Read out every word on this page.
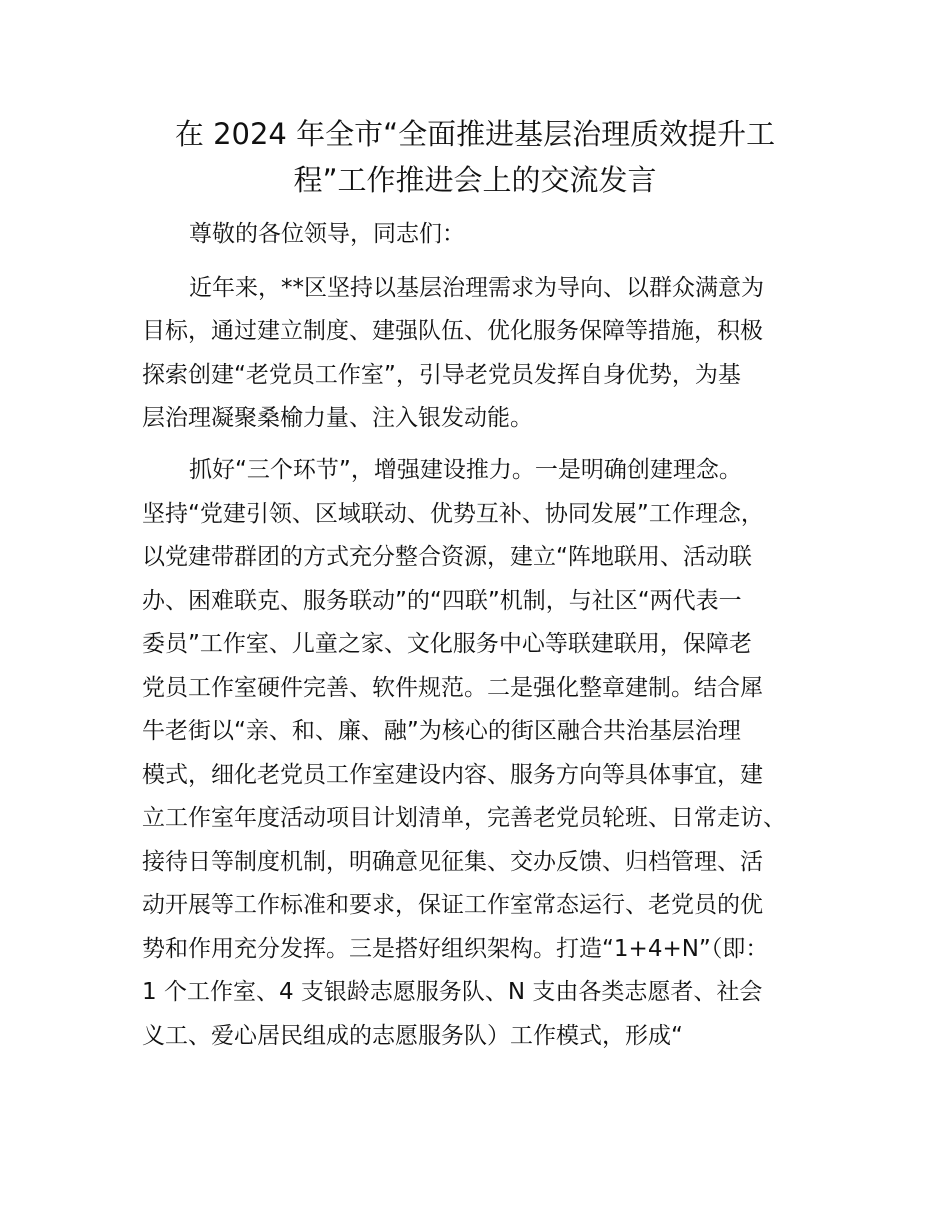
在 2024 年全市“全面推进基层治理质效提升工
程”工作推进会上的交流发言
尊敬的各位领导，同志们：
近年来，**区坚持以基层治理需求为导向、以群众满意为
目标，通过建立制度、建强队伍、优化服务保障等措施，积极
探索创建“老党员工作室”，引导老党员发挥自身优势，为基
层治理凝聚桑榆力量、注入银发动能。
抓好“三个环节”，增强建设推力。一是明确创建理念。
坚持“党建引领、区域联动、优势互补、协同发展”工作理念，
以党建带群团的方式充分整合资源，建立“阵地联用、活动联
办、困难联克、服务联动”的“四联”机制，与社区“两代表一
委员”工作室、儿童之家、文化服务中心等联建联用，保障老
党员工作室硬件完善、软件规范。二是强化整章建制。结合犀
牛老街以“亲、和、廉、融”为核心的街区融合共治基层治理
模式，细化老党员工作室建设内容、服务方向等具体事宜，建
立工作室年度活动项目计划清单，完善老党员轮班、日常走访、
接待日等制度机制，明确意见征集、交办反馈、归档管理、活
动开展等工作标准和要求，保证工作室常态运行、老党员的优
势和作用充分发挥。三是搭好组织架构。打造“1+4+N”（即：
1 个工作室、4 支银龄志愿服务队、N 支由各类志愿者、社会
义工、爱心居民组成的志愿服务队）工作模式，形成“
